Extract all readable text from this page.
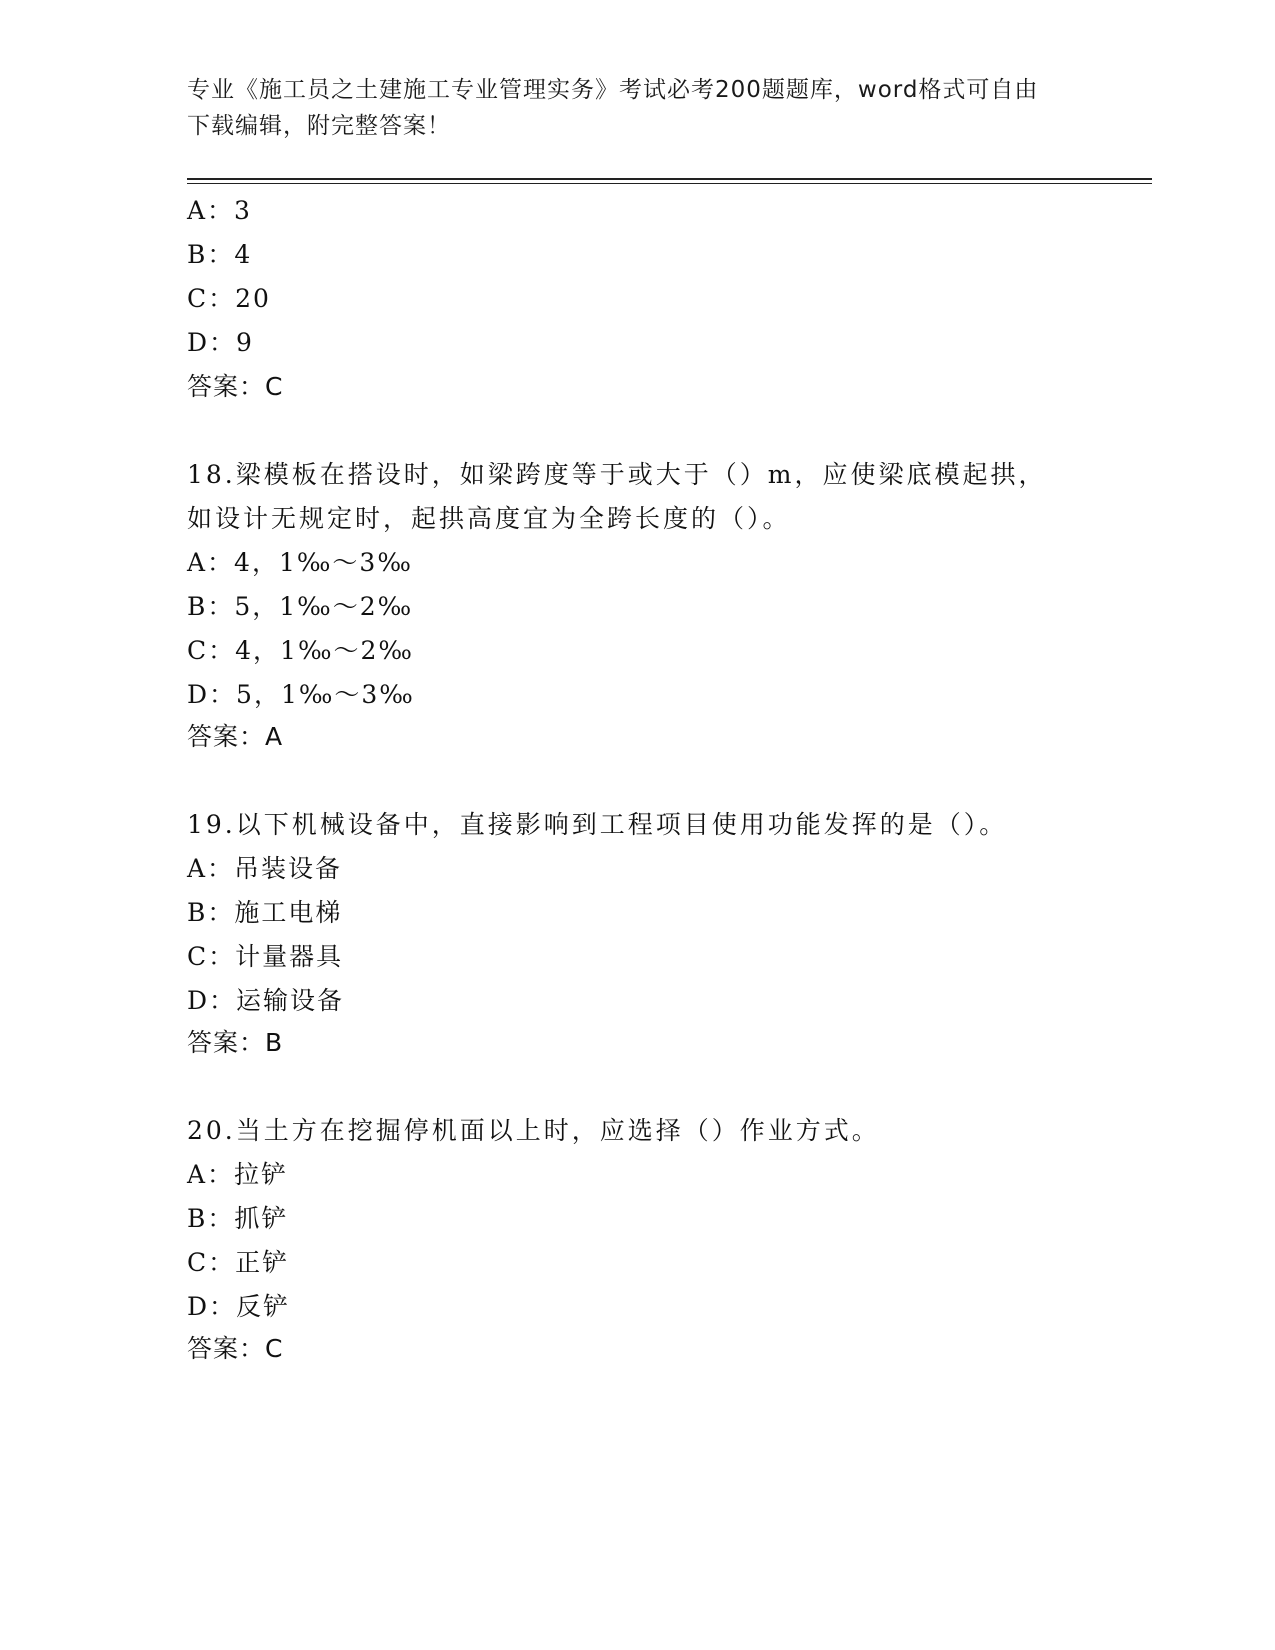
专业《施工员之土建施工专业管理实务》考试必考200题题库，word格式可自由
下载编辑，附完整答案！
A：3
B：4
C：20
D：9
答案：C
18.梁模板在搭设时，如梁跨度等于或大于（）m，应使梁底模起拱，
如设计无规定时，起拱高度宜为全跨长度的（）。
A：4，1‰～3‰
B：5，1‰～2‰
C：4，1‰～2‰
D：5，1‰～3‰
答案：A
19.以下机械设备中，直接影响到工程项目使用功能发挥的是（）。
A：吊装设备
B：施工电梯
C：计量器具
D：运输设备
答案：B
20.当土方在挖掘停机面以上时，应选择（）作业方式。
A：拉铲
B：抓铲
C：正铲
D：反铲
答案：C
